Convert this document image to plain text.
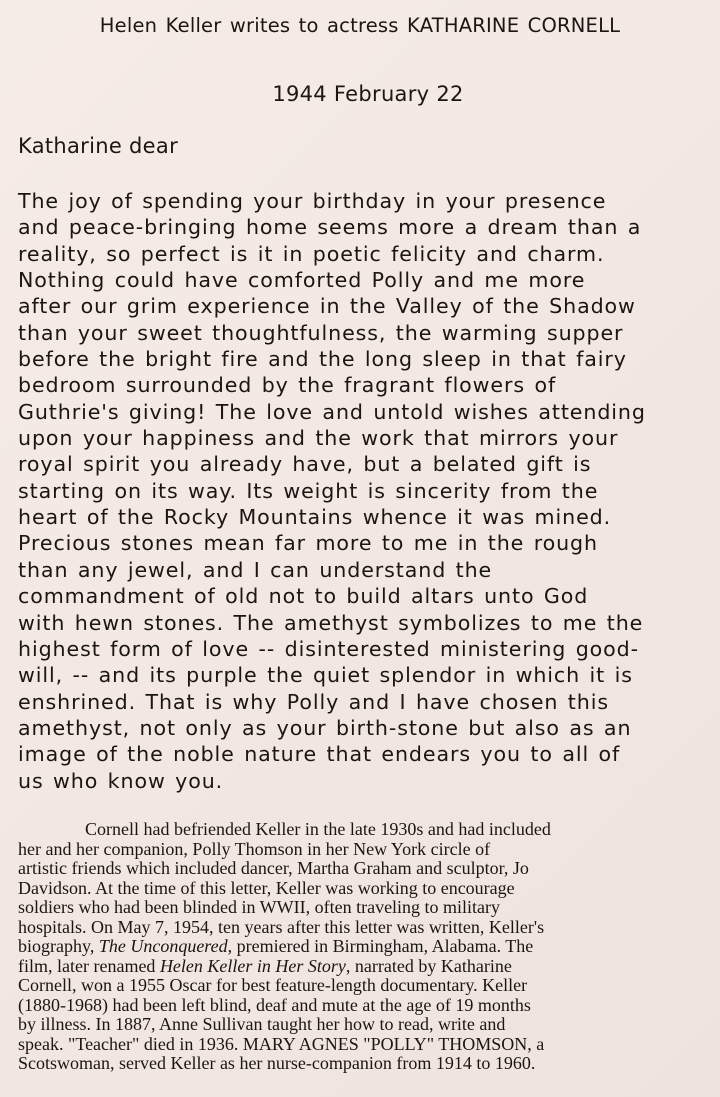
Helen Keller writes to actress KATHARINE CORNELL
1944 February 22
Katharine dear
The joy of spending your birthday in your presence
and peace-bringing home seems more a dream than a
reality, so perfect is it in poetic felicity and charm.
Nothing could have comforted Polly and me more
after our grim experience in the Valley of the Shadow
than your sweet thoughtfulness, the warming supper
before the bright fire and the long sleep in that fairy
bedroom surrounded by the fragrant flowers of
Guthrie's giving! The love and untold wishes attending
upon your happiness and the work that mirrors your
royal spirit you already have, but a belated gift is
starting on its way. Its weight is sincerity from the
heart of the Rocky Mountains whence it was mined.
Precious stones mean far more to me in the rough
than any jewel, and I can understand the
commandment of old not to build altars unto God
with hewn stones. The amethyst symbolizes to me the
highest form of love -- disinterested ministering good-
will, -- and its purple the quiet splendor in which it is
enshrined. That is why Polly and I have chosen this
amethyst, not only as your birth-stone but also as an
image of the noble nature that endears you to all of
us who know you.
Cornell had befriended Keller in the late 1930s and had included
her and her companion, Polly Thomson in her New York circle of
artistic friends which included dancer, Martha Graham and sculptor, Jo
Davidson. At the time of this letter, Keller was working to encourage
soldiers who had been blinded in WWII, often traveling to military
hospitals. On May 7, 1954, ten years after this letter was written, Keller's
biography, The Unconquered, premiered in Birmingham, Alabama. The
film, later renamed Helen Keller in Her Story, narrated by Katharine
Cornell, won a 1955 Oscar for best feature-length documentary. Keller
(1880-1968) had been left blind, deaf and mute at the age of 19 months
by illness. In 1887, Anne Sullivan taught her how to read, write and
speak. "Teacher" died in 1936. MARY AGNES "POLLY" THOMSON, a
Scotswoman, served Keller as her nurse-companion from 1914 to 1960.
